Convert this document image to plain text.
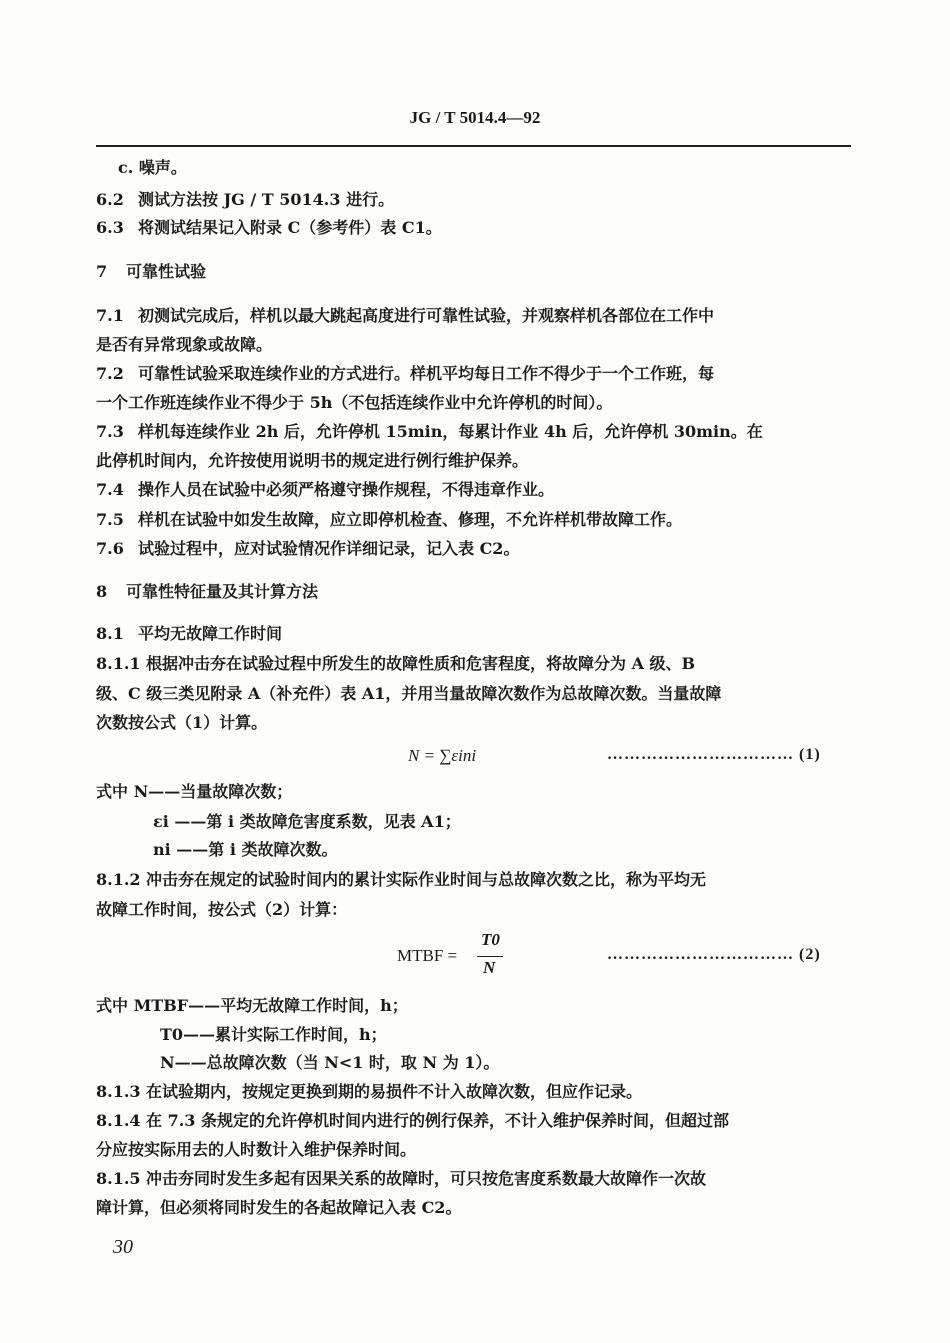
JG / T 5014.4—92
c. 噪声。
6.2 测试方法按 JG / T 5014.3 进行。
6.3 将测试结果记入附录 C（参考件）表 C1。
7 可靠性试验
7.1 初测试完成后，样机以最大跳起高度进行可靠性试验，并观察样机各部位在工作中
是否有异常现象或故障。
7.2 可靠性试验采取连续作业的方式进行。样机平均每日工作不得少于一个工作班，每
一个工作班连续作业不得少于 5h（不包括连续作业中允许停机的时间）。
7.3 样机每连续作业 2h 后，允许停机 15min，每累计作业 4h 后，允许停机 30min。在
此停机时间内，允许按使用说明书的规定进行例行维护保养。
7.4 操作人员在试验中必须严格遵守操作规程，不得违章作业。
7.5 样机在试验中如发生故障，应立即停机检查、修理，不允许样机带故障工作。
7.6 试验过程中，应对试验情况作详细记录，记入表 C2。
8 可靠性特征量及其计算方法
8.1 平均无故障工作时间
8.1.1 根据冲击夯在试验过程中所发生的故障性质和危害程度，将故障分为 A 级、B
级、C 级三类见附录 A（补充件）表 A1，并用当量故障次数作为总故障次数。当量故障
次数按公式（1）计算。
式中 N——当量故障次数；
εi ——第 i 类故障危害度系数，见表 A1；
ni ——第 i 类故障次数。
8.1.2 冲击夯在规定的试验时间内的累计实际作业时间与总故障次数之比，称为平均无
故障工作时间，按公式（2）计算：
式中 MTBF——平均无故障工作时间，h；
T0——累计实际工作时间，h；
N——总故障次数（当 N<1 时，取 N 为 1）。
8.1.3 在试验期内，按规定更换到期的易损件不计入故障次数，但应作记录。
8.1.4 在 7.3 条规定的允许停机时间内进行的例行保养，不计入维护保养时间，但超过部
分应按实际用去的人时数计入维护保养时间。
8.1.5 冲击夯同时发生多起有因果关系的故障时，可只按危害度系数最大故障作一次故
障计算，但必须将同时发生的各起故障记入表 C2。
N = ∑εini	…………………………… (1)
MTBF =
T0
N
…………………………… (2)
30
